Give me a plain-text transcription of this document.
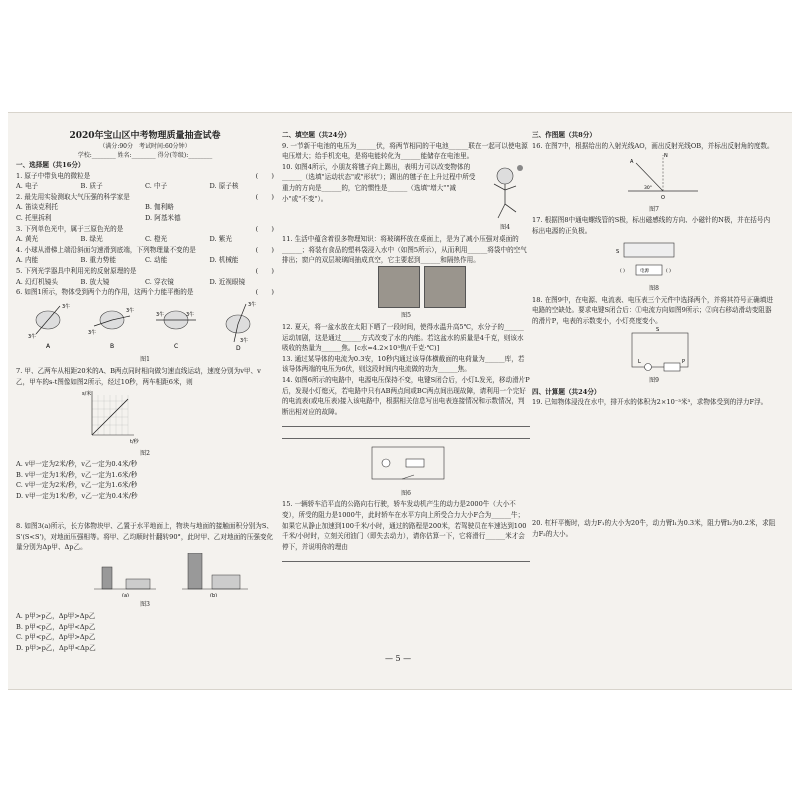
2020年宝山区中考物理质量抽查试卷
（满分:90分　考试时间:60分钟）
学校:________ 姓名:________ 得分(等级):________
一、选择题（共16分）
1. 原子中带负电的微粒是	(　　)
A. 电子	B. 质子	C. 中子	D. 原子核
2. 最先用实验测取大气压强的科学家是	(　　)
A. 笛谈克利托	B. 伽利略
C. 托里拆利	D. 阿基米德
3. 下列单色光中，属于三原色光的是	(　　)
A. 黄光	B. 绿光	C. 橙光	D. 紫光
4. 小球从滑梯上端沿斜面匀速滑到底端，下列物理量不变的是	(　　)
A. 内能	B. 重力势能	C. 动能	D. 机械能
5. 下列光学器具中利用光的反射原理的是	(　　)
A. 幻灯机镜头	B. 放大镜	C. 穿衣镜	D. 近视眼镜
6. 如图1所示，物体受到两个力的作用，这两个力能平衡的是	(　　)
3牛
3牛
A
3牛
3牛
B
3牛
3牛
C
3牛
3牛
D
图1
7. 甲、乙两车从相距20米的A、B两点同时相向做匀速直线运动，速度分别为v甲、v乙，甲车的s-t图像如图2所示，经过10秒，两车相距6米，则
s/米
t/秒
图2
A. v甲一定为2米/秒，v乙一定为0.4米/秒
B. v甲一定为1米/秒，v乙一定为1.6米/秒
C. v甲一定为2米/秒，v乙一定为1.6米/秒
D. v甲一定为1米/秒，v乙一定为0.4米/秒
8. 如图3(a)所示，长方体物块甲、乙置于水平地面上，物块与地面的接触面积分别为S、S'(S<S')，对地面压强相等。将甲、乙均顺时针翻转90°，此时甲、乙对地面的压强变化量分别为Δp甲、Δp乙。
(a)	(b)
图3
A. p甲>p乙，Δp甲>Δp乙
B. p甲<p乙，Δp甲<Δp乙
C. p甲<p乙，Δp甲>Δp乙
D. p甲>p乙，Δp甲<Δp乙
二、填空题（共24分）
9. 一节新干电池的电压为______伏，将两节相同的干电池______联在一起可以使电源电压增大；给手机充电，是将电能转化为______能储存在电池里。
10. 如图4所示，小朋友将毽子向上踢出，表明力可以改变物体的______（选填"运动状态"或"形状"）；踢出的毽子在上升过程中所受重力的方向是______的，它的惯性是______（选填"增大""减小"或"不变"）。
图4
11. 生活中蕴含着很多物理知识：将玻璃杯放在桌面上，是为了减小压强对桌面的______；将装有食品的塑料袋浸入水中（如图5所示），从而利用______将袋中的空气排出；窗户的双层玻璃间抽成真空，它主要起到______和隔热作用。
图5
12. 夏天，将一盆水放在太阳下晒了一段时间，使得水温升高5℃，水分子的______运动加剧，这是通过______方式改变了水的内能。若这盆水的质量是4千克，则该水吸收的热量为______焦。[c水=4.2×10³焦/(千克·℃)]
13. 通过某导体的电流为0.3安，10秒内通过该导体横截面的电荷量为______库，若该导体两端的电压为6伏，则这段时间内电流做的功为______焦。
14. 如图6所示的电路中，电源电压保持不变，电键S闭合后，小灯L发光，移动滑片P后，发现小灯熄灭，若电路中只有AB两点间或BC两点间出现故障，请利用一个完好的电流表(或电压表)接入该电路中，根据相关信息写出电表连接情况和示数情况，判断出相对应的故障。
图6
15. 一辆轿车沿平直的公路向右行驶，轿车发动机产生的动力是2000牛（大小不变），所受的阻力是1000牛，此时轿车在水平方向上所受合力大小F合为______牛；如果它从静止加速到100千米/小时，通过的路程是200米，若驾驶员在车速达到100千米/小时时，立刻关闭油门（即失去动力），请你估算一下，它将滑行______米才会停下，并说明你的理由
三、作图题（共8分）
16. 在图7中，根据给出的入射光线AO，画出反射光线OB，并标出反射角的度数。
N
A
30°
O
图7
17. 根据图8中通电螺线管的S极，标出磁感线的方向、小磁针的N极，并在括号内标出电源的正负极。
S
电源
( )	( )
图8
18. 在图9中，在电源、电流表、电压表三个元件中选择两个，并将其符号正确填进电路的空缺处。要求电键S闭合后：①电流方向如图9所示；②向右移动滑动变阻器的滑片P，电表的示数变小，小灯亮度变小。
S
L	P
图9
四、计算题（共24分）
19. 已知物体浸没在水中，排开水的体积为2×10⁻³米³，求物体受到的浮力F浮。
20. 杠杆平衡时，动力F₁的大小为20牛，动力臂l₁为0.3米，阻力臂l₂为0.2米，求阻力F₂的大小。
— 5 —
